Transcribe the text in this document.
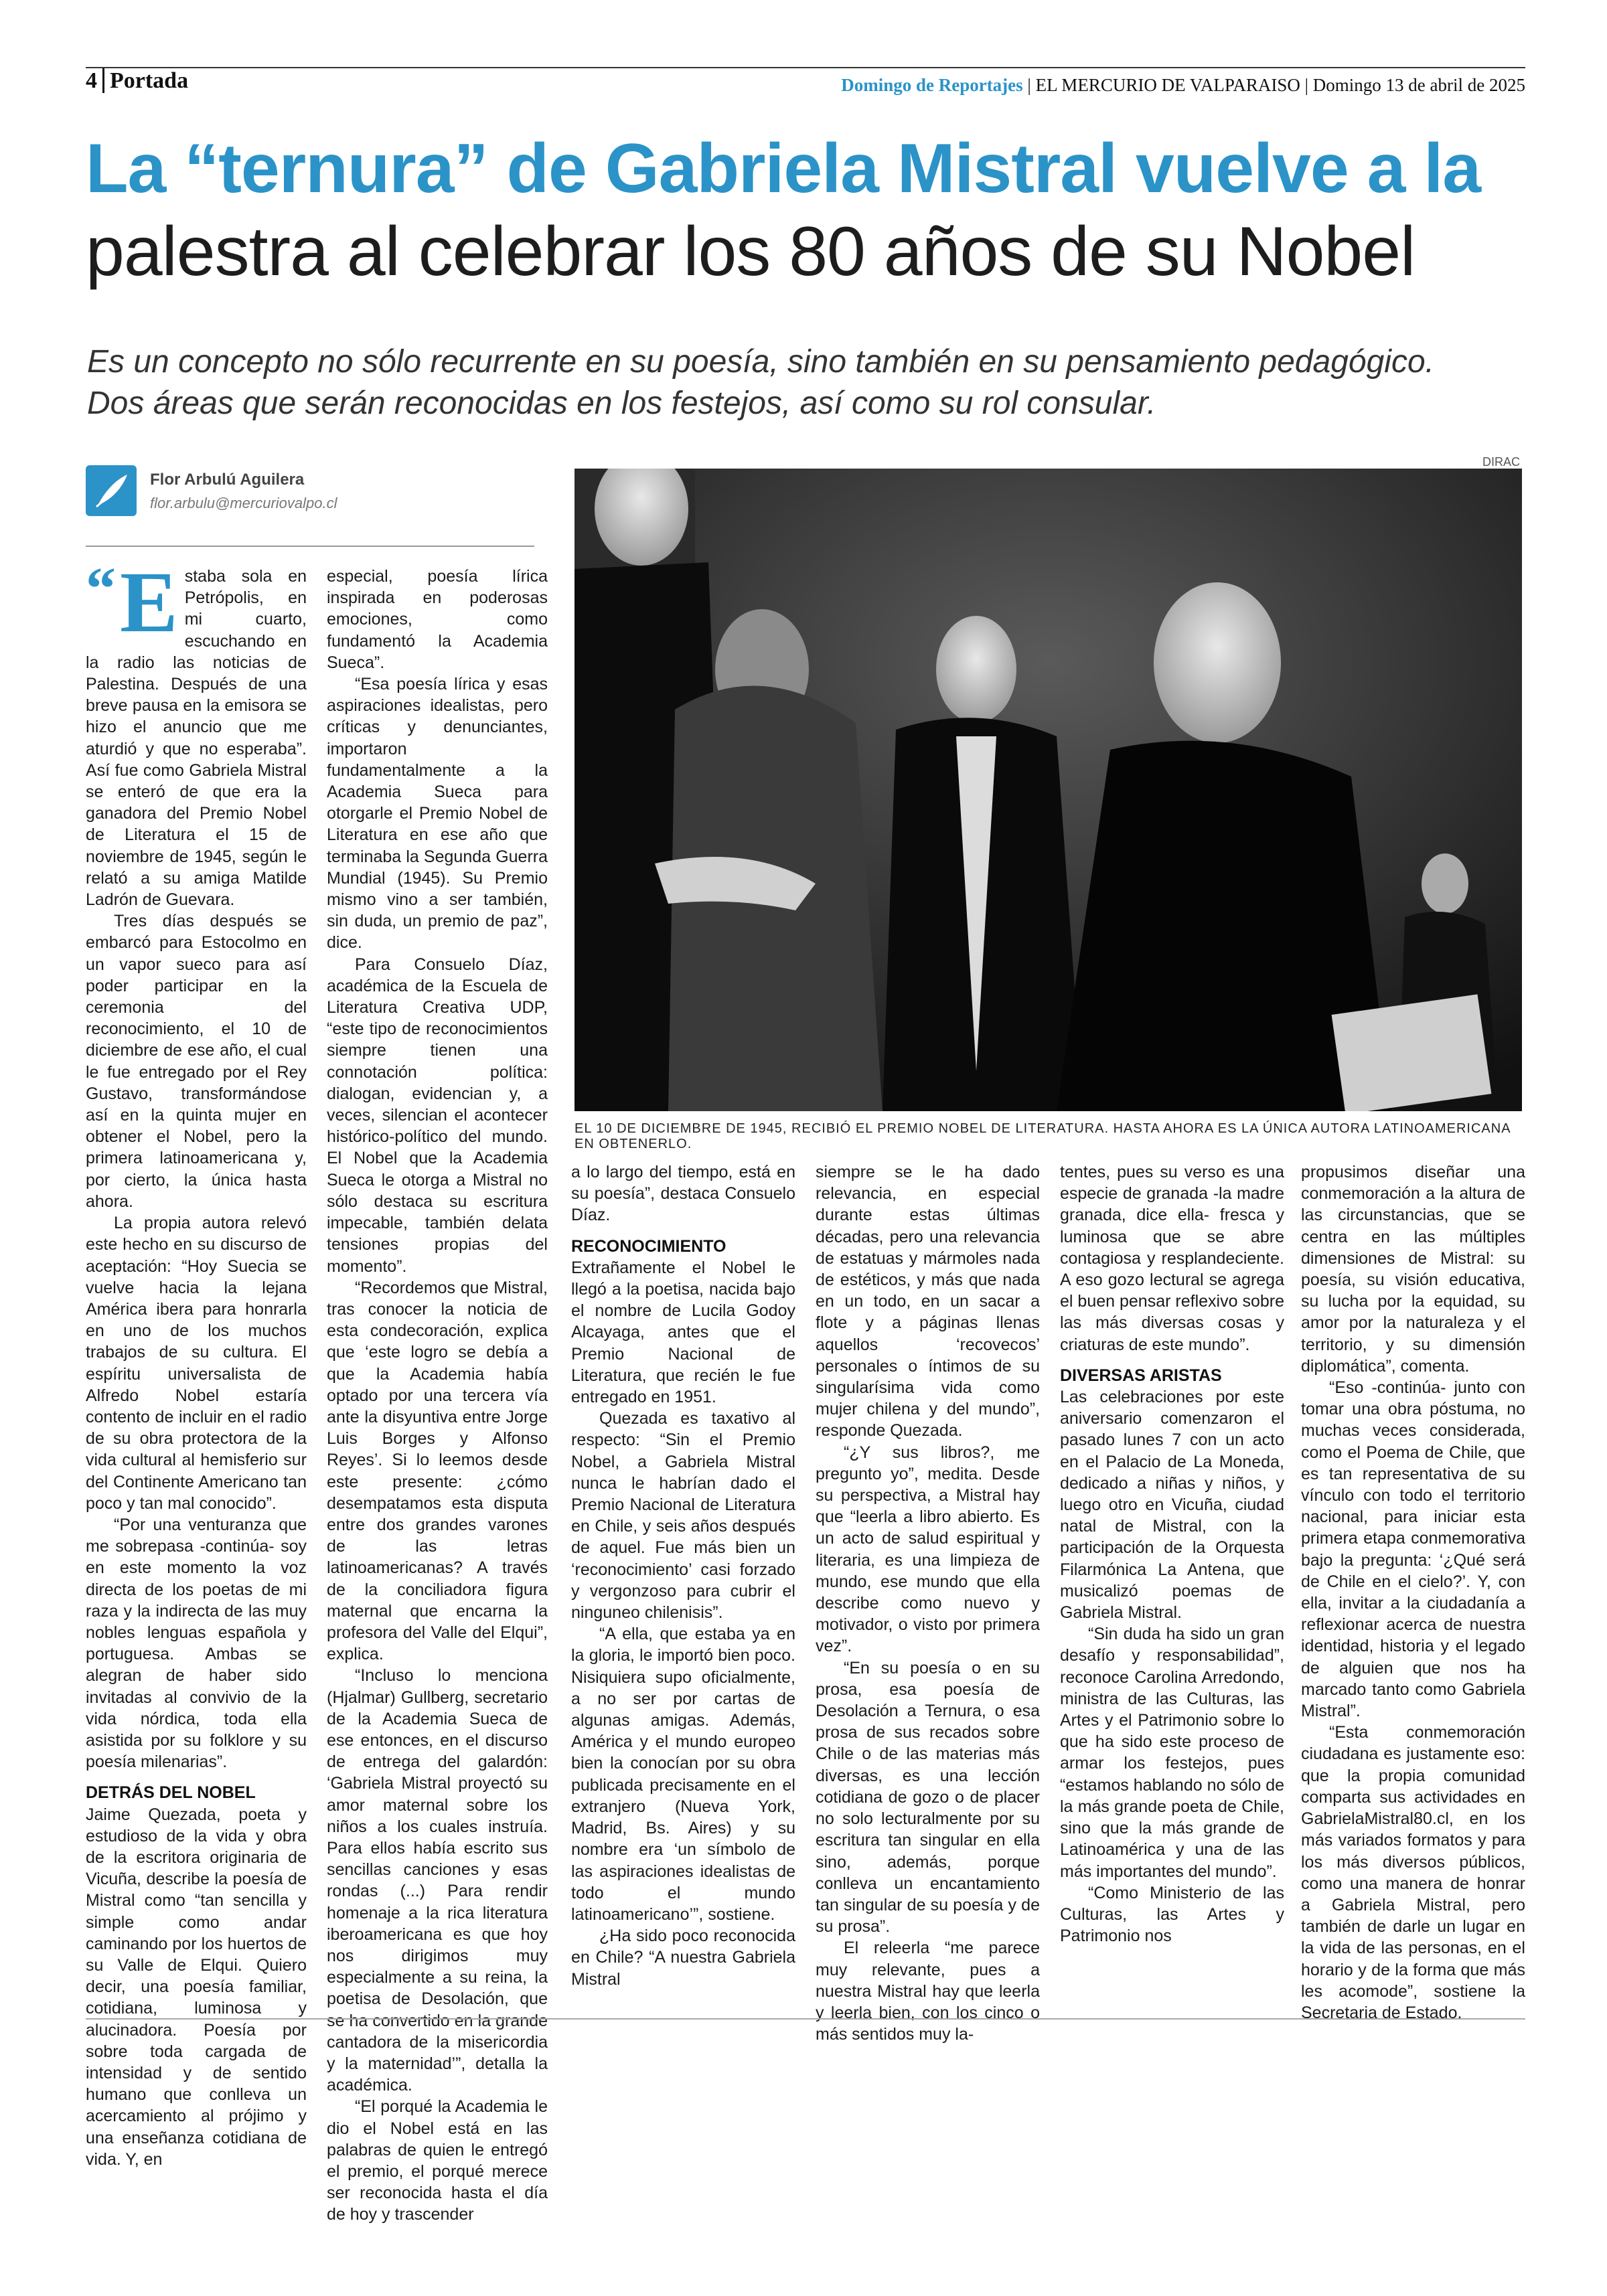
4 Portada	Domingo de Reportajes | EL MERCURIO DE VALPARAISO | Domingo 13 de abril de 2025
La “ternura” de Gabriela Mistral vuelve a la
palestra al celebrar los 80 años de su Nobel
Es un concepto no sólo recurrente en su poesía, sino también en su pensamiento pedagógico.
Dos áreas que serán reconocidas en los festejos, así como su rol consular.
Flor Arbulú Aguilera
flor.arbulu@mercuriovalpo.cl
DIRAC
EL 10 DE DICIEMBRE DE 1945, RECIBIÓ EL PREMIO NOBEL DE LITERATURA. HASTA AHORA ES LA ÚNICA AUTORA LATINOAMERICANA EN OBTENERLO.
“ E staba sola en Petrópolis, en mi cuarto, escuchando en la radio las noticias de Palestina. Después de una breve pausa en la emisora se hizo el anuncio que me aturdió y que no esperaba”. Así fue como Gabriela Mistral se enteró de que era la ganadora del Premio Nobel de Literatura el 15 de noviembre de 1945, según le relató a su amiga Matilde Ladrón de Guevara.

Tres días después se embarcó para Estocolmo en un vapor sueco para así poder participar en la ceremonia del reconocimiento, el 10 de diciembre de ese año, el cual le fue entregado por el Rey Gustavo, transformándose así en la quinta mujer en obtener el Nobel, pero la primera latinoamericana y, por cierto, la única hasta ahora.

La propia autora relevó este hecho en su discurso de aceptación: “Hoy Suecia se vuelve hacia la lejana América ibera para honrarla en uno de los muchos trabajos de su cultura. El espíritu universalista de Alfredo Nobel estaría contento de incluir en el radio de su obra protectora de la vida cultural al hemisferio sur del Continente Americano tan poco y tan mal conocido”.

“Por una venturanza que me sobrepasa -continúa- soy en este momento la voz directa de los poetas de mi raza y la indirecta de las muy nobles lenguas española y portuguesa. Ambas se alegran de haber sido invitadas al convivio de la vida nórdica, toda ella asistida por su folklore y su poesía milenarias”.

DETRÁS DEL NOBEL

Jaime Quezada, poeta y estudioso de la vida y obra de la escritora originaria de Vicuña, describe la poesía de Mistral como “tan sencilla y simple como andar caminando por los huertos de su Valle de Elqui. Quiero decir, una poesía familiar, cotidiana, luminosa y alucinadora. Poesía por sobre toda cargada de intensidad y de sentido humano que conlleva un acercamiento al prójimo y una enseñanza cotidiana de vida. Y, en

especial, poesía lírica inspirada en poderosas emociones, como fundamentó la Academia Sueca”.

“Esa poesía lírica y esas aspiraciones idealistas, pero críticas y denunciantes, importaron fundamentalmente a la Academia Sueca para otorgarle el Premio Nobel de Literatura en ese año que terminaba la Segunda Guerra Mundial (1945). Su Premio mismo vino a ser también, sin duda, un premio de paz”, dice.

Para Consuelo Díaz, académica de la Escuela de Literatura Creativa UDP, “este tipo de reconocimientos siempre tienen una connotación política: dialogan, evidencian y, a veces, silencian el acontecer histórico-político del mundo. El Nobel que la Academia Sueca le otorga a Mistral no sólo destaca su escritura impecable, también delata tensiones propias del momento”.

“Recordemos que Mistral, tras conocer la noticia de esta condecoración, explica que ‘este logro se debía a que la Academia había optado por una tercera vía ante la disyuntiva entre Jorge Luis Borges y Alfonso Reyes’. Si lo leemos desde este presente: ¿cómo desempatamos esta disputa entre dos grandes varones de las letras latinoamericanas? A través de la conciliadora figura maternal que encarna la profesora del Valle del Elqui”, explica.

“Incluso lo menciona (Hjalmar) Gullberg, secretario de la Academia Sueca de ese entonces, en el discurso de entrega del galardón: ‘Gabriela Mistral proyectó su amor maternal sobre los niños a los cuales instruía. Para ellos había escrito sus sencillas canciones y esas rondas (...) Para rendir homenaje a la rica literatura iberoamericana es que hoy nos dirigimos muy especialmente a su reina, la poetisa de Desolación, que se ha convertido en la grande cantadora de la misericordia y la maternidad’”, detalla la académica.

“El porqué la Academia le dio el Nobel está en las palabras de quien le entregó el premio, el porqué merece ser reconocida hasta el día de hoy y trascender

a lo largo del tiempo, está en su poesía”, destaca Consuelo Díaz.

RECONOCIMIENTO

Extrañamente el Nobel le llegó a la poetisa, nacida bajo el nombre de Lucila Godoy Alcayaga, antes que el Premio Nacional de Literatura, que recién le fue entregado en 1951.

Quezada es taxativo al respecto: “Sin el Premio Nobel, a Gabriela Mistral nunca le habrían dado el Premio Nacional de Literatura en Chile, y seis años después de aquel. Fue más bien un ‘reconocimiento’ casi forzado y vergonzoso para cubrir el ninguneo chilenisis”.

“A ella, que estaba ya en la gloria, le importó bien poco. Nisiquiera supo oficialmente, a no ser por cartas de algunas amigas. Además, América y el mundo europeo bien la conocían por su obra publicada precisamente en el extranjero (Nueva York, Madrid, Bs. Aires) y su nombre era ‘un símbolo de las aspiraciones idealistas de todo el mundo latinoamericano’”, sostiene.

¿Ha sido poco reconocida en Chile? “A nuestra Gabriela Mistral

siempre se le ha dado relevancia, en especial durante estas últimas décadas, pero una relevancia de estatuas y mármoles nada de estéticos, y más que nada en un todo, en un sacar a flote y a páginas llenas aquellos ‘recovecos’ personales o íntimos de su singularísima vida como mujer chilena y del mundo”, responde Quezada.

“¿Y sus libros?, me pregunto yo”, medita. Desde su perspectiva, a Mistral hay que “leerla a libro abierto. Es un acto de salud espiritual y literaria, es una limpieza de mundo, ese mundo que ella describe como nuevo y motivador, o visto por primera vez”.

“En su poesía o en su prosa, esa poesía de Desolación a Ternura, o esa prosa de sus recados sobre Chile o de las materias más diversas, es una lección cotidiana de gozo o de placer no solo lecturalmente por su escritura tan singular en ella sino, además, porque conlleva un encantamiento tan singular de su poesía y de su prosa”.

El releerla “me parece muy relevante, pues a nuestra Mistral hay que leerla y leerla bien, con los cinco o más sentidos muy la-

tentes, pues su verso es una especie de granada -la madre granada, dice ella- fresca y luminosa que se abre contagiosa y resplandeciente. A eso gozo lectural se agrega el buen pensar reflexivo sobre las más diversas cosas y criaturas de este mundo”.

DIVERSAS ARISTAS

Las celebraciones por este aniversario comenzaron el pasado lunes 7 con un acto en el Palacio de La Moneda, dedicado a niñas y niños, y luego otro en Vicuña, ciudad natal de Mistral, con la participación de la Orquesta Filarmónica La Antena, que musicalizó poemas de Gabriela Mistral.

“Sin duda ha sido un gran desafío y responsabilidad”, reconoce Carolina Arredondo, ministra de las Culturas, las Artes y el Patrimonio sobre lo que ha sido este proceso de armar los festejos, pues “estamos hablando no sólo de la más grande poeta de Chile, sino que la más grande de Latinoamérica y una de las más importantes del mundo”.

“Como Ministerio de las Culturas, las Artes y Patrimonio nos

propusimos diseñar una conmemoración a la altura de las circunstancias, que se centra en las múltiples dimensiones de Mistral: su poesía, su visión educativa, su lucha por la equidad, su amor por la naturaleza y el territorio, y su dimensión diplomática”, comenta.

“Eso -continúa- junto con tomar una obra póstuma, no muchas veces considerada, como el Poema de Chile, que es tan representativa de su vínculo con todo el territorio nacional, para iniciar esta primera etapa conmemorativa bajo la pregunta: ‘¿Qué será de Chile en el cielo?’. Y, con ella, invitar a la ciudadanía a reflexionar acerca de nuestra identidad, historia y el legado de alguien que nos ha marcado tanto como Gabriela Mistral”.

“Esta conmemoración ciudadana es justamente eso: que la propia comunidad comparta sus actividades en GabrielaMistral80.cl, en los más variados formatos y para los más diversos públicos, como una manera de honrar a Gabriela Mistral, pero también de darle un lugar en la vida de las personas, en el horario y de la forma que más les acomode”, sostiene la Secretaria de Estado.
